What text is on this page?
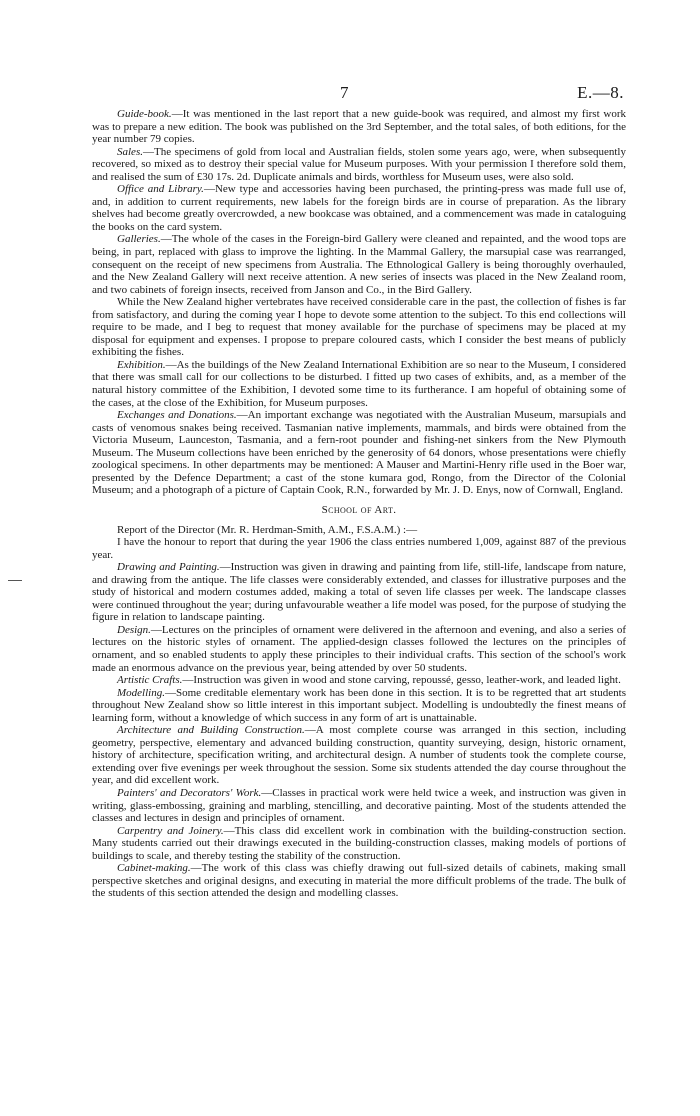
7	E.—8.

Guide-book.—It was mentioned in the last report that a new guide-book was required, and almost my first work was to prepare a new edition. The book was published on the 3rd September, and the total sales, of both editions, for the year number 79 copies.

Sales.—The specimens of gold from local and Australian fields, stolen some years ago, were, when subsequently recovered, so mixed as to destroy their special value for Museum purposes. With your permission I therefore sold them, and realised the sum of £30 17s. 2d. Duplicate animals and birds, worthless for Museum uses, were also sold.

Office and Library.—New type and accessories having been purchased, the printing-press was made full use of, and, in addition to current requirements, new labels for the foreign birds are in course of preparation. As the library shelves had become greatly overcrowded, a new bookcase was obtained, and a commencement was made in cataloguing the books on the card system.

Galleries.—The whole of the cases in the Foreign-bird Gallery were cleaned and repainted, and the wood tops are being, in part, replaced with glass to improve the lighting. In the Mammal Gallery, the marsupial case was rearranged, consequent on the receipt of new specimens from Australia. The Ethnological Gallery is being thoroughly overhauled, and the New Zealand Gallery will next receive attention. A new series of insects was placed in the New Zealand room, and two cabinets of foreign insects, received from Janson and Co., in the Bird Gallery.

While the New Zealand higher vertebrates have received considerable care in the past, the collection of fishes is far from satisfactory, and during the coming year I hope to devote some attention to the subject. To this end collections will require to be made, and I beg to request that money available for the purchase of specimens may be placed at my disposal for equipment and expenses. I propose to prepare coloured casts, which I consider the best means of publicly exhibiting the fishes.

Exhibition.—As the buildings of the New Zealand International Exhibition are so near to the Museum, I considered that there was small call for our collections to be disturbed. I fitted up two cases of exhibits, and, as a member of the natural history committee of the Exhibition, I devoted some time to its furtherance. I am hopeful of obtaining some of the cases, at the close of the Exhibition, for Museum purposes.

Exchanges and Donations.—An important exchange was negotiated with the Australian Museum, marsupials and casts of venomous snakes being received. Tasmanian native implements, mammals, and birds were obtained from the Victoria Museum, Launceston, Tasmania, and a fern-root pounder and fishing-net sinkers from the New Plymouth Museum. The Museum collections have been enriched by the generosity of 64 donors, whose presentations were chiefly zoological specimens. In other departments may be mentioned: A Mauser and Martini-Henry rifle used in the Boer war, presented by the Defence Department; a cast of the stone kumara god, Rongo, from the Director of the Colonial Museum; and a photograph of a picture of Captain Cook, R.N., forwarded by Mr. J. D. Enys, now of Cornwall, England.

School of Art.

Report of the Director (Mr. R. Herdman-Smith, A.M., F.S.A.M.) :—

I have the honour to report that during the year 1906 the class entries numbered 1,009, against 887 of the previous year.

Drawing and Painting.—Instruction was given in drawing and painting from life, still-life, landscape from nature, and drawing from the antique. The life classes were considerably extended, and classes for illustrative purposes and the study of historical and modern costumes added, making a total of seven life classes per week. The landscape classes were continued throughout the year; during unfavourable weather a life model was posed, for the purpose of studying the figure in relation to landscape painting.

Design.—Lectures on the principles of ornament were delivered in the afternoon and evening, and also a series of lectures on the historic styles of ornament. The applied-design classes followed the lectures on the principles of ornament, and so enabled students to apply these principles to their individual crafts. This section of the school's work made an enormous advance on the previous year, being attended by over 50 students.

Artistic Crafts.—Instruction was given in wood and stone carving, repoussé, gesso, leather-work, and leaded light.

Modelling.—Some creditable elementary work has been done in this section. It is to be regretted that art students throughout New Zealand show so little interest in this important subject. Modelling is undoubtedly the finest means of learning form, without a knowledge of which success in any form of art is unattainable.

Architecture and Building Construction.—A most complete course was arranged in this section, including geometry, perspective, elementary and advanced building construction, quantity surveying, design, historic ornament, history of architecture, specification writing, and architectural design. A number of students took the complete course, extending over five evenings per week throughout the session. Some six students attended the day course throughout the year, and did excellent work.

Painters' and Decorators' Work.—Classes in practical work were held twice a week, and instruction was given in writing, glass-embossing, graining and marbling, stencilling, and decorative painting. Most of the students attended the classes and lectures in design and principles of ornament.

Carpentry and Joinery.—This class did excellent work in combination with the building-construction section. Many students carried out their drawings executed in the building-construction classes, making models of portions of buildings to scale, and thereby testing the stability of the construction.

Cabinet-making.—The work of this class was chiefly drawing out full-sized details of cabinets, making small perspective sketches and original designs, and executing in material the more difficult problems of the trade. The bulk of the students of this section attended the design and modelling classes.
